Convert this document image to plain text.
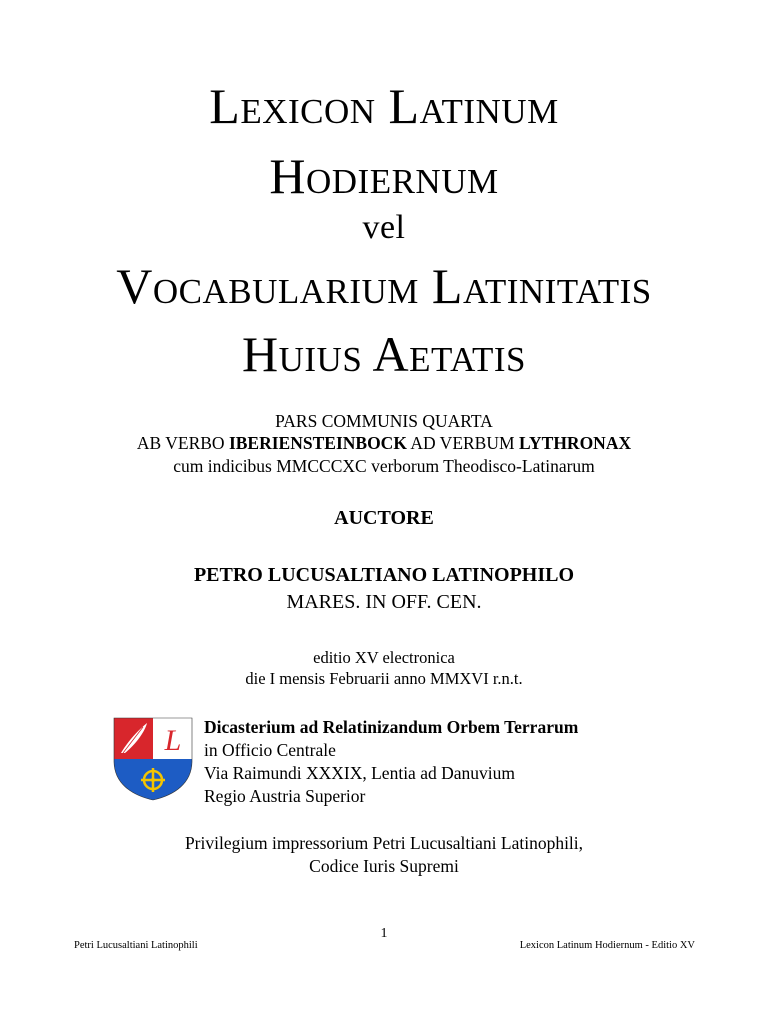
Lexicon Latinum
Hodiernum
vel
Vocabularium Latinitatis
Huius Aetatis
PARS COMMUNIS QUARTA
AB VERBO IBERIENSTEINBOCK AD VERBUM LYTHRONAX
cum indicibus MMCCCXC verborum Theodisco-Latinarum
AUCTORE
PETRO LUCUSALTIANO LATINOPHILO
MARES. IN OFF. CEN.
editio XV electronica
die I mensis Februarii anno MMXVI r.n.t.
L Dicasterium ad Relatinizandum Orbem Terrarum
in Officio Centrale
Via Raimundi XXXIX, Lentia ad Danuvium
Regio Austria Superior
Privilegium impressorium Petri Lucusaltiani Latinophili,
Codice Iuris Supremi
1
Petri Lucusaltiani Latinophili	Lexicon Latinum Hodiernum - Editio XV
